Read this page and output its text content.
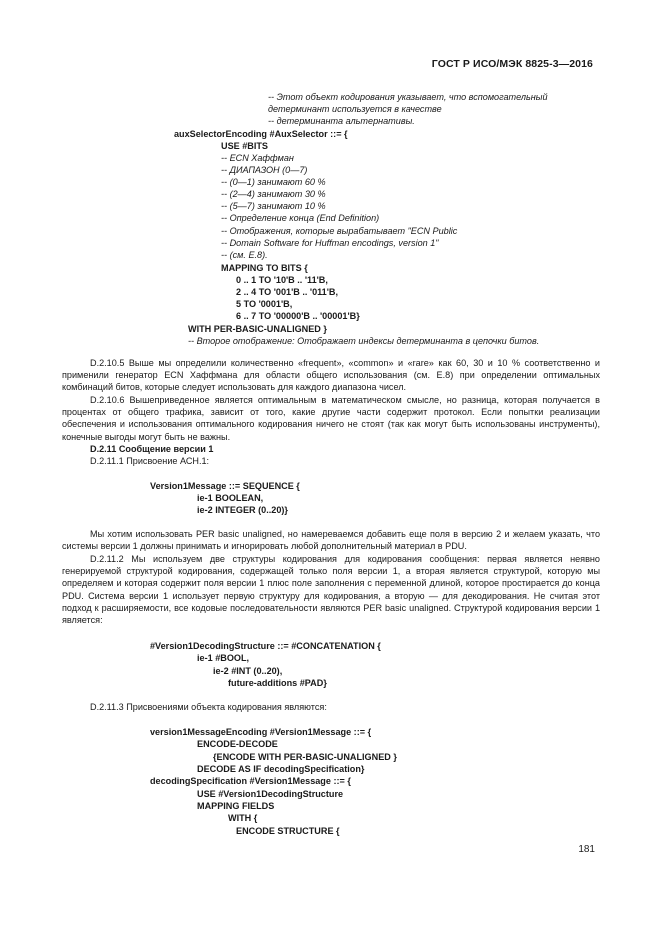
ГОСТ Р ИСО/МЭК 8825-3—2016
-- Этот объект кодирования указывает, что вспомогательный
детерминант используется в качестве
-- детерминанта альтернативы.
auxSelectorEncoding #AuxSelector ::= {
USE #BITS
-- ECN Хаффман
-- ДИАПАЗОН (0—7)
-- (0—1) занимают 60 %
-- (2—4) занимают 30 %
-- (5—7) занимают 10 %
-- Определение конца (End Definition)
-- Отображения, которые вырабатывает "ECN Public
-- Domain Software for Huffman encodings, version 1"
-- (см. E.8).
MAPPING TO BITS {
0 .. 1 TO '10'B .. '11'B,
2 .. 4 TO '001'B .. '011'B,
5 TO '0001'B,
6 .. 7 TO '00000'B .. '00001'B}
WITH PER-BASIC-UNALIGNED }
-- Второе отображение: Отображает индексы детерминанта в цепочки битов.

D.2.10.5 Выше мы определили количественно «frequent», «common» и «rare» как 60, 30 и 10 % соответственно и применили генератор ECN Хаффмана для области общего использования (см. E.8) при определении оптимальных комбинаций битов, которые следует использовать для каждого диапазона чисел.

D.2.10.6 Вышеприведенное является оптимальным в математическом смысле, но разница, которая получается в процентах от общего трафика, зависит от того, какие другие части содержит протокол. Если попытки реализации обеспечения и использования оптимального кодирования ничего не стоят (так как могут быть использованы инструменты), конечные выгоды могут быть не важны.

D.2.11 Сообщение версии 1
D.2.11.1 Присвоение АСН.1:
Version1Message ::= SEQUENCE {
ie-1 BOOLEAN,
ie-2 INTEGER (0..20)}

Мы хотим использовать PER basic unaligned, но намереваемся добавить еще поля в версию 2 и желаем указать, что системы версии 1 должны принимать и игнорировать любой дополнительный материал в PDU.

D.2.11.2 Мы используем две структуры кодирования для кодирования сообщения: первая является неявно генерируемой структурой кодирования, содержащей только поля версии 1, а вторая является структурой, которую мы определяем и которая содержит поля версии 1 плюс поле заполнения с переменной длиной, которое простирается до конца PDU. Система версии 1 использует первую структуру для кодирования, а вторую — для декодирования. Не считая этот подход к расширяемости, все кодовые последовательности являются PER basic unaligned. Структурой кодирования версии 1 является:

#Version1DecodingStructure ::= #CONCATENATION {
ie-1 #BOOL,
ie-2 #INT (0..20),
future-additions #PAD}
D.2.11.3 Присвоениями объекта кодирования являются:
version1MessageEncoding #Version1Message ::= {
ENCODE-DECODE
{ENCODE WITH PER-BASIC-UNALIGNED }
DECODE AS IF decodingSpecification}
decodingSpecification #Version1Message ::= {
USE #Version1DecodingStructure
MAPPING FIELDS
WITH {
ENCODE STRUCTURE {
181
